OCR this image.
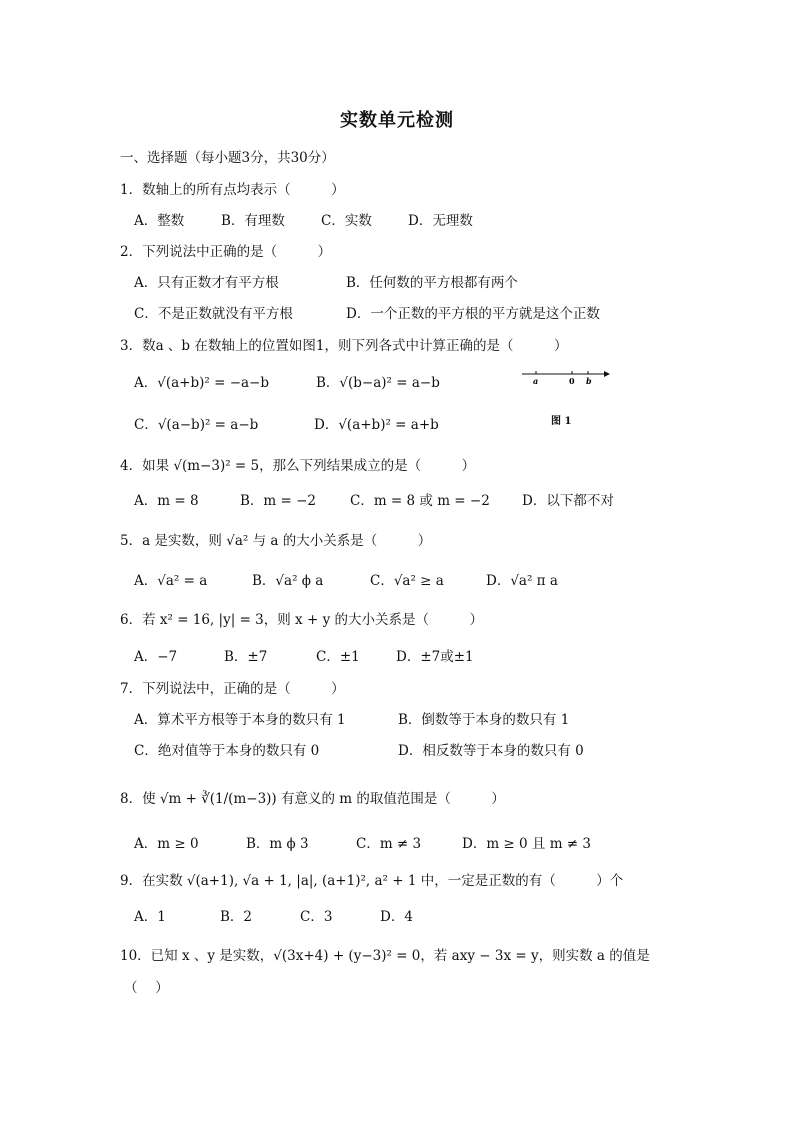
实数单元检测
一、选择题（每小题3分，共30分）
1．数轴上的所有点均表示（　　　）
A．整数	B．有理数	C．实数	D．无理数
2．下列说法中正确的是（　　　）
A．只有正数才有平方根	B．任何数的平方根都有两个
C．不是正数就没有平方根	D．一个正数的平方根的平方就是这个正数
3．数a 、b 在数轴上的位置如图1，则下列各式中计算正确的是（　　　）
A．√(a+b)² = −a−b	B．√(b−a)² = a−b
C．√(a−b)² = a−b	D．√(a+b)² = a+b
a	0 b
图 1
4．如果 √(m−3)² = 5，那么下列结果成立的是（　　　）
A．m = 8	B．m = −2	C．m = 8 或 m = −2 D．以下都不对
5．a 是实数，则 √a² 与 a 的大小关系是（　　　）
A．√a² = a	B．√a² ϕ a	C．√a² ≥ a	D．√a² π a
6．若 x² = 16, |y| = 3，则 x + y 的大小关系是（　　　）
A．−7	B．±7	C．±1	D．±7或±1
7．下列说法中，正确的是（　　　）
A．算术平方根等于本身的数只有 1	B．倒数等于本身的数只有 1
C．绝对值等于本身的数只有 0	D．相反数等于本身的数只有 0
8．使 √m + ∛(1/(m−3)) 有意义的 m 的取值范围是（　　　）
A．m ≥ 0	B．m ϕ 3	C．m ≠ 3	D．m ≥ 0 且 m ≠ 3
9．在实数 √(a+1), √a + 1, |a|, (a+1)², a² + 1 中，一定是正数的有（　　　）个
A．1	B．2	C．3	D．4
10．已知 x 、y 是实数，√(3x+4) + (y−3)² = 0，若 axy − 3x = y，则实数 a 的值是
（　 ）
